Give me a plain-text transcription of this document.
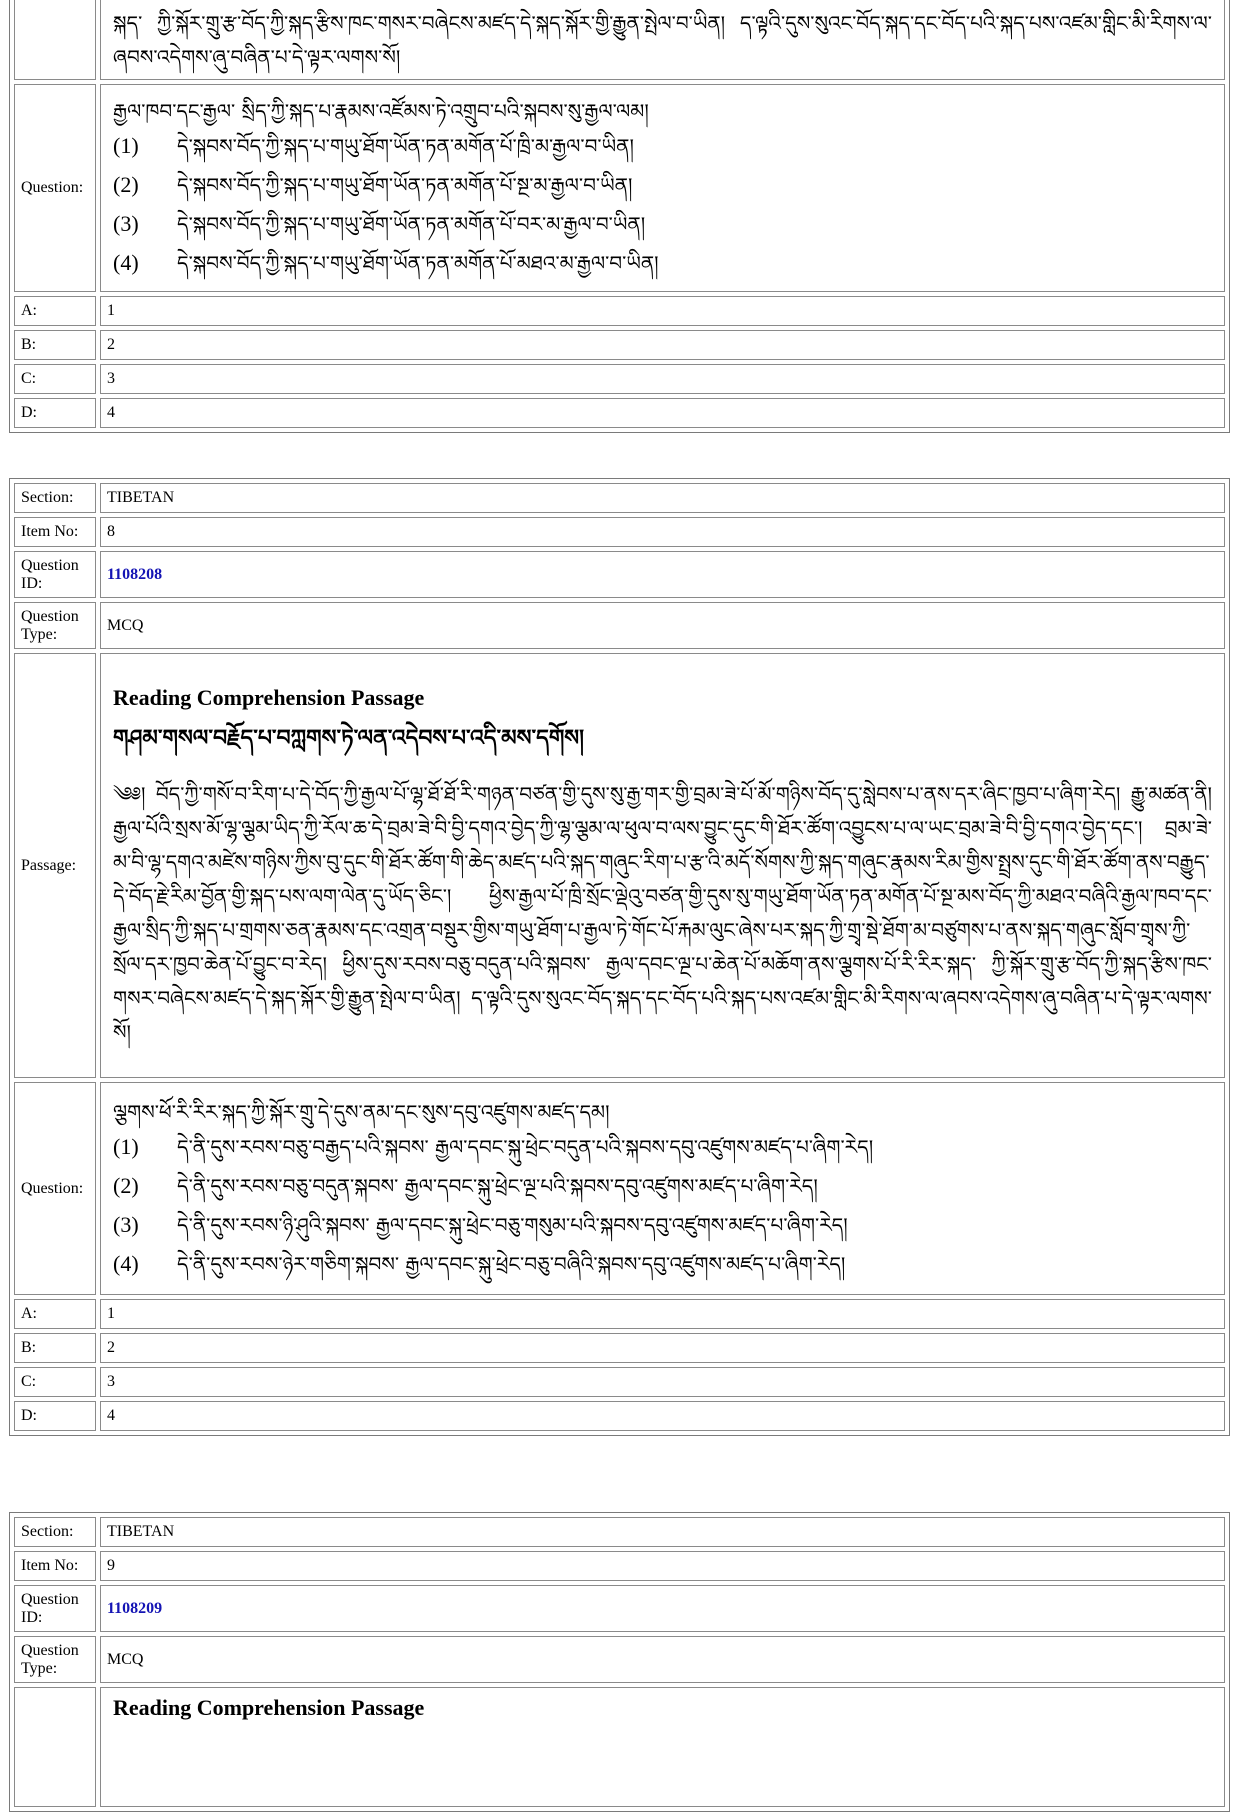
	སྐད་ ཀྱི་སྐོར་གྲུ་རྩ་བོད་ཀྱི་སྐད་རྩིས་ཁང་གསར་བཞེངས་མཛད་དེ་སྐད་སྐོར་གྱི་རྒྱུན་སྤེལ་བ་ཡིན། ད་ལྟའི་དུས་སུའང་བོད་སྐད་དང་བོད་པའི་སྐད་པས་འཛམ་གླིང་མི་རིགས་ལ་ཞབས་འདེགས་ཞུ་བཞིན་པ་དེ་ལྟར་ལགས་སོ།

Question:	རྒྱལ་ཁབ་དང་རྒྱལ་ སྲིད་ཀྱི་སྐད་པ་རྣམས་འཛོམས་ཏེ་འགྲུབ་པའི་སྐབས་སུ་རྒྱལ་ལམ།
(1) དེ་སྐབས་བོད་ཀྱི་སྐད་པ་གཡུ་ཐོག་ཡོན་ཏན་མགོན་པོ་ཁྲི་མ་རྒྱལ་བ་ཡིན།
(2) དེ་སྐབས་བོད་ཀྱི་སྐད་པ་གཡུ་ཐོག་ཡོན་ཏན་མགོན་པོ་སྔ་མ་རྒྱལ་བ་ཡིན།
(3) དེ་སྐབས་བོད་ཀྱི་སྐད་པ་གཡུ་ཐོག་ཡོན་ཏན་མགོན་པོ་བར་མ་རྒྱལ་བ་ཡིན།
(4) དེ་སྐབས་བོད་ཀྱི་སྐད་པ་གཡུ་ཐོག་ཡོན་ཏན་མགོན་པོ་མཐའ་མ་རྒྱལ་བ་ཡིན།

A:	1
B:	2
C:	3
D:	4
Section:	TIBETAN
Item No:	8
Question ID:	1108208
Question Type:	MCQ
Passage:	Reading Comprehension Passage
གཤམ་གསལ་བརྗོད་པ་བཀླགས་ཏེ་ལན་འདེབས་པ་འདི་མས་དགོས།
༄༅། བོད་ཀྱི་གསོ་བ་རིག་པ་དེ་བོད་ཀྱི་རྒྱལ་པོ་ལྷ་ཐོ་ཐོ་རི་གཉན་བཙན་གྱི་དུས་སུ་རྒྱ་གར་གྱི་བྲམ་ཟེ་པོ་མོ་གཉིས་བོད་དུ་སླེབས་པ་ནས་དར་ཞིང་ཁྱབ་པ་ཞིག་རེད། རྒྱུ་མཚན་ནི། རྒྱལ་པོའི་སྲས་མོ་ལྷ་ལྕམ་ཡིད་ཀྱི་རོལ་ཆ་དེ་བྲམ་ཟེ་བི་བྱི་དགའ་བྱེད་ཀྱི་ལྷ་ལྕམ་ལ་ཕུལ་བ་ལས་བྱུང་དུང་གི་ཐོར་ཚོག་འབྱུངས་པ་ལ་ཡང་བྲམ་ཟེ་བི་བྱི་དགའ་བྱེད་དང་། བྲམ་ཟེ་མ་བི་ལྷ་དགའ་མཛེས་གཉིས་ཀྱིས་བུ་དུང་གི་ཐོར་ཚོག་གི་ཆེད་མཛད་པའི་སྐད་གཞུང་རིག་པ་རྩ་འི་མདོ་སོགས་ཀྱི་སྐད་གཞུང་རྣམས་རིམ་གྱིས་སྤྲས་དུང་གི་ཐོར་ཚོག་ནས་བརྒྱུད་དེ་བོད་རྗེ་རིམ་བྱོན་གྱི་སྐད་པས་ལག་ལེན་དུ་ཡོད་ཅིང་། ཕྱིས་རྒྱལ་པོ་ཁྲི་སྲོང་ལྡེའུ་བཙན་གྱི་དུས་སུ་གཡུ་ཐོག་ཡོན་ཏན་མགོན་པོ་སྔ་མས་བོད་ཀྱི་མཐའ་བཞིའི་རྒྱལ་ཁབ་དང་རྒྱལ་སྲིད་ཀྱི་སྐད་པ་གྲགས་ཅན་རྣམས་དང་འགྲན་བསྡུར་གྱིས་གཡུ་ཐོག་པ་རྒྱལ་ཏེ་གོང་པོ་རྐམ་ལུང་ཞེས་པར་སྐད་ཀྱི་གྲྭ་སྡེ་ཐོག་མ་བཙུགས་པ་ནས་སྐད་གཞུང་སློབ་གྲྭས་ཀྱི་སྲོལ་དར་ཁྱབ་ཆེན་པོ་བྱུང་བ་རེད། ཕྱིས་དུས་རབས་བཅུ་བདུན་པའི་སྐབས་ རྒྱལ་དབང་ལྔ་པ་ཆེན་པོ་མཆོག་ནས་ལྕགས་པོ་རི་རིར་སྐད་ ཀྱི་སྐོར་གྲུ་རྩ་བོད་ཀྱི་སྐད་རྩིས་ཁང་གསར་བཞེངས་མཛད་དེ་སྐད་སྐོར་གྱི་རྒྱུན་སྤེལ་བ་ཡིན། ད་ལྟའི་དུས་སུའང་བོད་སྐད་དང་བོད་པའི་སྐད་པས་འཛམ་གླིང་མི་རིགས་ལ་ཞབས་འདེགས་ཞུ་བཞིན་པ་དེ་ལྟར་ལགས་སོ།

Question:	ལྕགས་ཕོ་རི་རིར་སྐད་ཀྱི་སྐོར་གྲུ་དེ་དུས་ནམ་དང་སུས་དབུ་འཛུགས་མཛད་དམ།
(1) དེ་ནི་དུས་རབས་བཅུ་བརྒྱད་པའི་སྐབས་ རྒྱལ་དབང་སྐུ་ཕྲེང་བདུན་པའི་སྐབས་དབུ་འཛུགས་མཛད་པ་ཞིག་རེད།
(2) དེ་ནི་དུས་རབས་བཅུ་བདུན་སྐབས་ རྒྱལ་དབང་སྐུ་ཕྲེང་ལྔ་པའི་སྐབས་དབུ་འཛུགས་མཛད་པ་ཞིག་རེད།
(3) དེ་ནི་དུས་རབས་ཉི་ཤུའི་སྐབས་ རྒྱལ་དབང་སྐུ་ཕྲེང་བཅུ་གསུམ་པའི་སྐབས་དབུ་འཛུགས་མཛད་པ་ཞིག་རེད།
(4) དེ་ནི་དུས་རབས་ཉེར་གཅིག་སྐབས་ རྒྱལ་དབང་སྐུ་ཕྲེང་བཅུ་བཞིའི་སྐབས་དབུ་འཛུགས་མཛད་པ་ཞིག་རེད།

A:	1
B:	2
C:	3
D:	4
Section:	TIBETAN
Item No:	9
Question ID:	1108209
Question Type:	MCQ

	Reading Comprehension Passage
